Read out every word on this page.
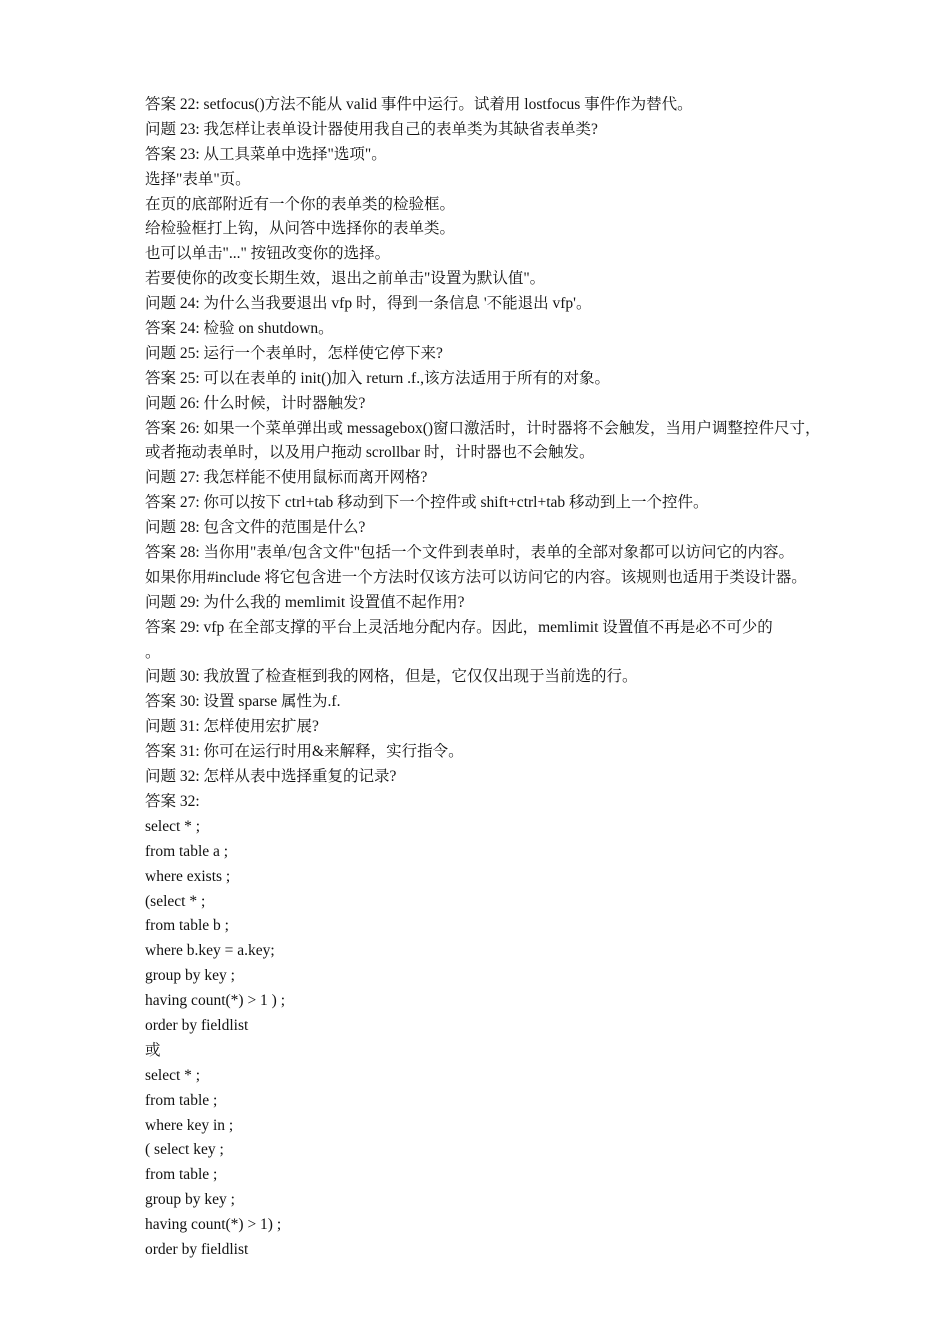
答案 22: setfocus()方法不能从 valid 事件中运行。试着用 lostfocus 事件作为替代。
问题 23: 我怎样让表单设计器使用我自己的表单类为其缺省表单类?
答案 23: 从工具菜单中选择"选项"。
选择"表单"页。
在页的底部附近有一个你的表单类的检验框。
给检验框打上钩，从问答中选择你的表单类。
也可以单击"..." 按钮改变你的选择。
若要使你的改变长期生效，退出之前单击"设置为默认值"。
问题 24: 为什么当我要退出 vfp 时，得到一条信息 '不能退出 vfp'。
答案 24: 检验 on shutdown。
问题 25: 运行一个表单时，怎样使它停下来?
答案 25: 可以在表单的 init()加入 return .f.,该方法适用于所有的对象。
问题 26: 什么时候，计时器触发?
答案 26: 如果一个菜单弹出或 messagebox()窗口激活时，计时器将不会触发，当用户调整控件尺寸，
或者拖动表单时，以及用户拖动 scrollbar 时，计时器也不会触发。
问题 27: 我怎样能不使用鼠标而离开网格?
答案 27: 你可以按下 ctrl+tab 移动到下一个控件或 shift+ctrl+tab 移动到上一个控件。
问题 28: 包含文件的范围是什么?
答案 28: 当你用"表单/包含文件"包括一个文件到表单时，表单的全部对象都可以访问它的内容。
如果你用#include 将它包含进一个方法时仅该方法可以访问它的内容。该规则也适用于类设计器。
问题 29: 为什么我的 memlimit 设置值不起作用?
答案 29: vfp 在全部支撑的平台上灵活地分配内存。因此，memlimit 设置值不再是必不可少的
。
问题 30: 我放置了检查框到我的网格，但是，它仅仅出现于当前选的行。
答案 30: 设置 sparse 属性为.f.
问题 31: 怎样使用宏扩展?
答案 31: 你可在运行时用&来解释，实行指令。
问题 32: 怎样从表中选择重复的记录?
答案 32:
select * ;
from table a ;
where exists ;
(select * ;
from table b ;
where b.key = a.key;
group by key ;
having count(*) > 1 ) ;
order by fieldlist
或
select * ;
from table ;
where key in ;
( select key ;
from table ;
group by key ;
having count(*) > 1) ;
order by fieldlist
